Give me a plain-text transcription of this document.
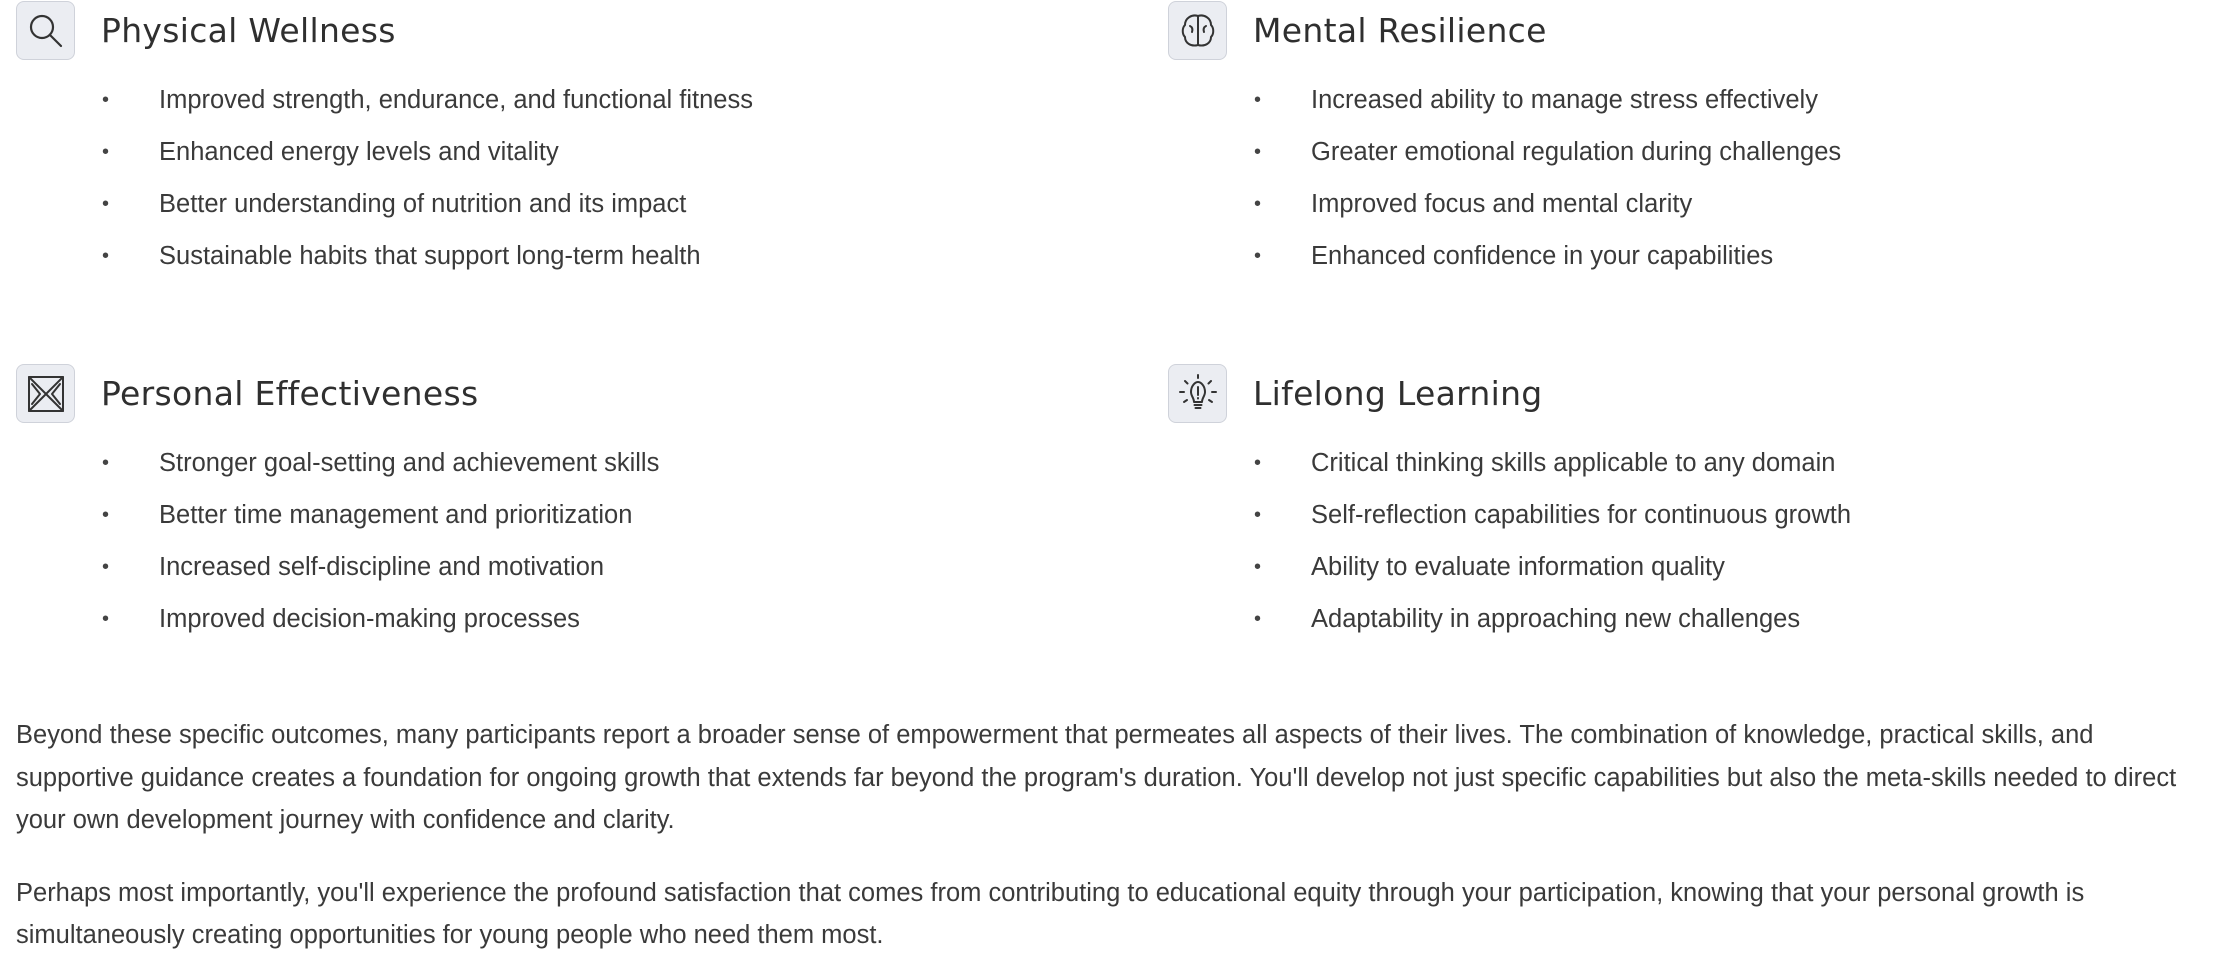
Physical Wellness
• Improved strength, endurance, and functional fitness
• Enhanced energy levels and vitality
• Better understanding of nutrition and its impact
• Sustainable habits that support long-term health
Mental Resilience
• Increased ability to manage stress effectively
• Greater emotional regulation during challenges
• Improved focus and mental clarity
• Enhanced confidence in your capabilities
Personal Effectiveness
• Stronger goal-setting and achievement skills
• Better time management and prioritization
• Increased self-discipline and motivation
• Improved decision-making processes
Lifelong Learning
• Critical thinking skills applicable to any domain
• Self-reflection capabilities for continuous growth
• Ability to evaluate information quality
• Adaptability in approaching new challenges

Beyond these specific outcomes, many participants report a broader sense of empowerment that permeates all aspects of their lives. The combination of knowledge, practical skills, and supportive guidance creates a foundation for ongoing growth that extends far beyond the program's duration. You'll develop not just specific capabilities but also the meta-skills needed to direct your own development journey with confidence and clarity.

Perhaps most importantly, you'll experience the profound satisfaction that comes from contributing to educational equity through your participation, knowing that your personal growth is simultaneously creating opportunities for young people who need them most.
